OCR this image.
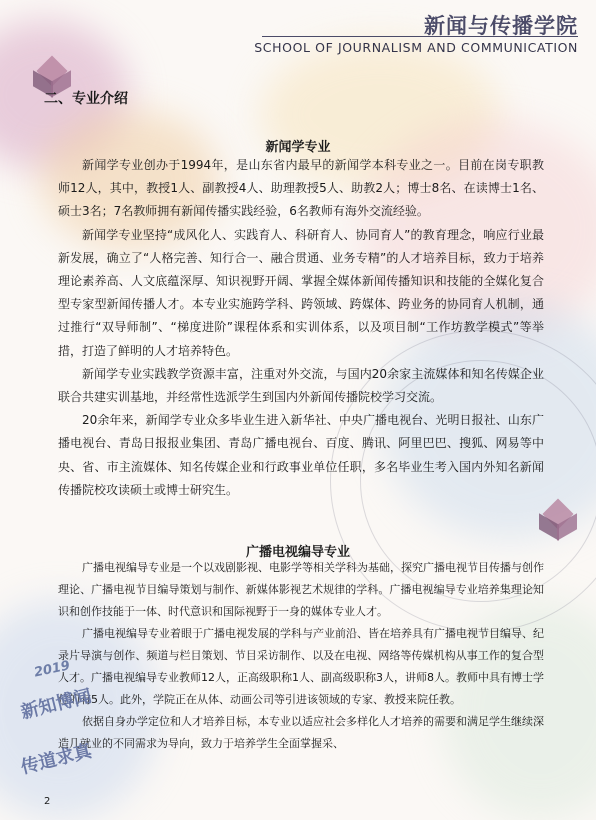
新闻与传播学院
SCHOOL OF JOURNALISM AND COMMUNICATION
二、专业介绍
新闻学专业
新闻学专业创办于1994年，是山东省内最早的新闻学本科专业之一。目前在岗专职教师12人，其中，教授1人、副教授4人、助理教授5人、助教2人；博士8名、在读博士1名、硕士3名；7名教师拥有新闻传播实践经验，6名教师有海外交流经验。
新闻学专业坚持“成风化人、实践育人、科研育人、协同育人”的教育理念，响应行业最新发展，确立了“人格完善、知行合一、融合贯通、业务专精”的人才培养目标，致力于培养理论素养高、人文底蕴深厚、知识视野开阔、掌握全媒体新闻传播知识和技能的全媒化复合型专家型新闻传播人才。本专业实施跨学科、跨领域、跨媒体、跨业务的协同育人机制，通过推行“双导师制”、“梯度进阶”课程体系和实训体系，以及项目制“工作坊教学模式”等举措，打造了鲜明的人才培养特色。
新闻学专业实践教学资源丰富，注重对外交流，与国内20余家主流媒体和知名传媒企业联合共建实训基地，并经常性选派学生到国内外新闻传播院校学习交流。
20余年来，新闻学专业众多毕业生进入新华社、中央广播电视台、光明日报社、山东广播电视台、青岛日报报业集团、青岛广播电视台、百度、腾讯、阿里巴巴、搜狐、网易等中央、省、市主流媒体、知名传媒企业和行政事业单位任职，多名毕业生考入国内外知名新闻传播院校攻读硕士或博士研究生。
广播电视编导专业
广播电视编导专业是一个以戏剧影视、电影学等相关学科为基础，探究广播电视节目传播与创作理论、广播电视节目编导策划与制作、新媒体影视艺术规律的学科。广播电视编导专业培养集理论知识和创作技能于一体、时代意识和国际视野于一身的媒体专业人才。
广播电视编导专业着眼于广播电视发展的学科与产业前沿、皆在培养具有广播电视节目编导、纪录片导演与创作、频道与栏目策划、节目采访制作、以及在电视、网络等传媒机构从事工作的复合型人才。广播电视编导专业教师12人，正高级职称1人、副高级职称3人，讲师8人。教师中具有博士学位的有5人。此外，学院正在从体、动画公司等引进该领域的专家、教授来院任教。
依据自身办学定位和人才培养目标，本专业以适应社会多样化人才培养的需要和满足学生继续深造几就业的不同需求为导向，致力于培养学生全面掌握采、
2019
新知博闻
传道求真
2
